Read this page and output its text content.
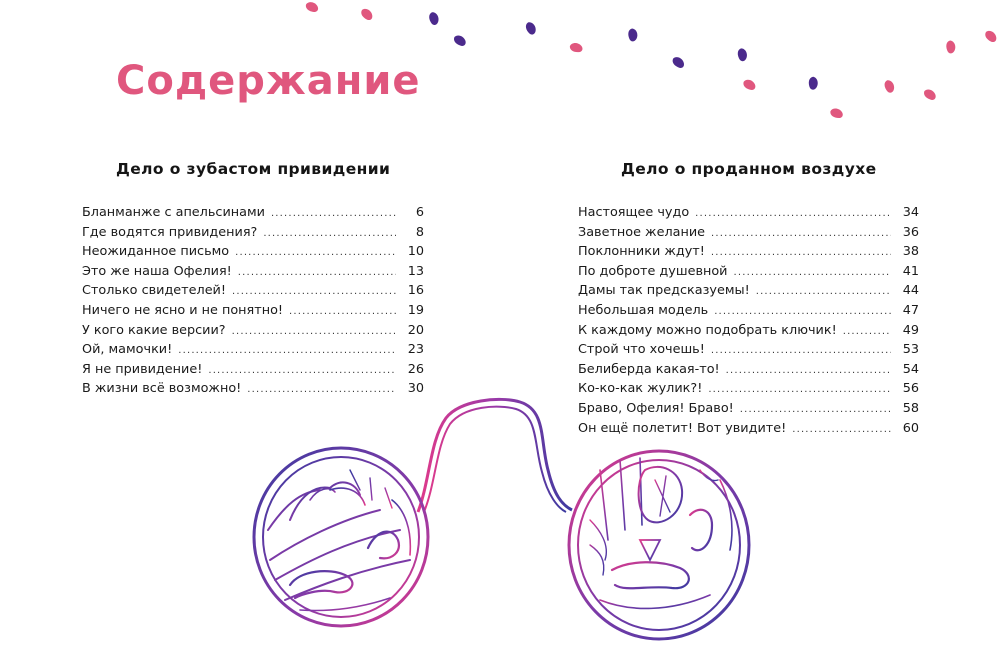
Содержание
Дело о зубастом привидении	Дело о проданном воздухе
Бланманже с апельсинами . . .	6
Где водятся привидения? . . .	8
Неожиданное письмо . . .	10
Это же наша Офелия! . . .	13
Столько свидетелей! . . .	16
Ничего не ясно и не понятно! . . .	19
У кого какие версии? . . .	20
Ой, мамочки! . . .	23
Я не привидение! . . .	26
В жизни всё возможно! . . .	30
Настоящее чудо . . .	34
Заветное желание . . .	36
Поклонники ждут! . . .	38
По доброте душевной . . .	41
Дамы так предсказуемы! . . .	44
Небольшая модель . . .	47
К каждому можно подобрать ключик! . . .	49
Строй что хочешь! . . .	53
Белиберда какая-то! . . .	54
Ко-ко-как жулик?! . . .	56
Браво, Офелия! Браво! . . .	58
Он ещё полетит! Вот увидите! . . .	60
